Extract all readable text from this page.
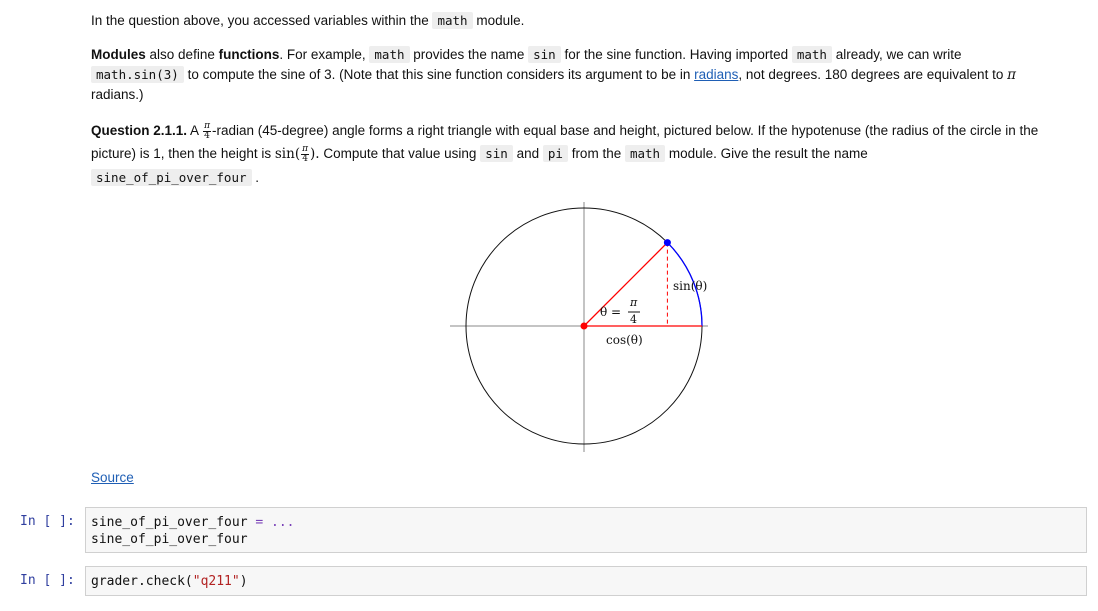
In the question above, you accessed variables within the math module.
Modules also define functions. For example, math provides the name sin for the sine function. Having imported math already, we can write
math.sin(3) to compute the sine of 3. (Note that this sine function considers its argument to be in radians, not degrees. 180 degrees are equivalent to π
radians.)
Question 2.1.1. A $\frac{\pi}{4}$ -radian (45-degree) angle forms a right triangle with equal base and height, pictured below. If the hypotenuse (the radius of the circle in the picture) is 1, then the height is $\sin( \frac{\pi}{4}$ ). Compute that value using sin and pi from the math module. Give the result the name
sine_of_pi_over_four .
sin(θ)
θ =
π
4
cos(θ)
Source
In [ ]: sine_of_pi_over_four = ...
sine_of_pi_over_four
In [ ]:	grader.check("q211")
